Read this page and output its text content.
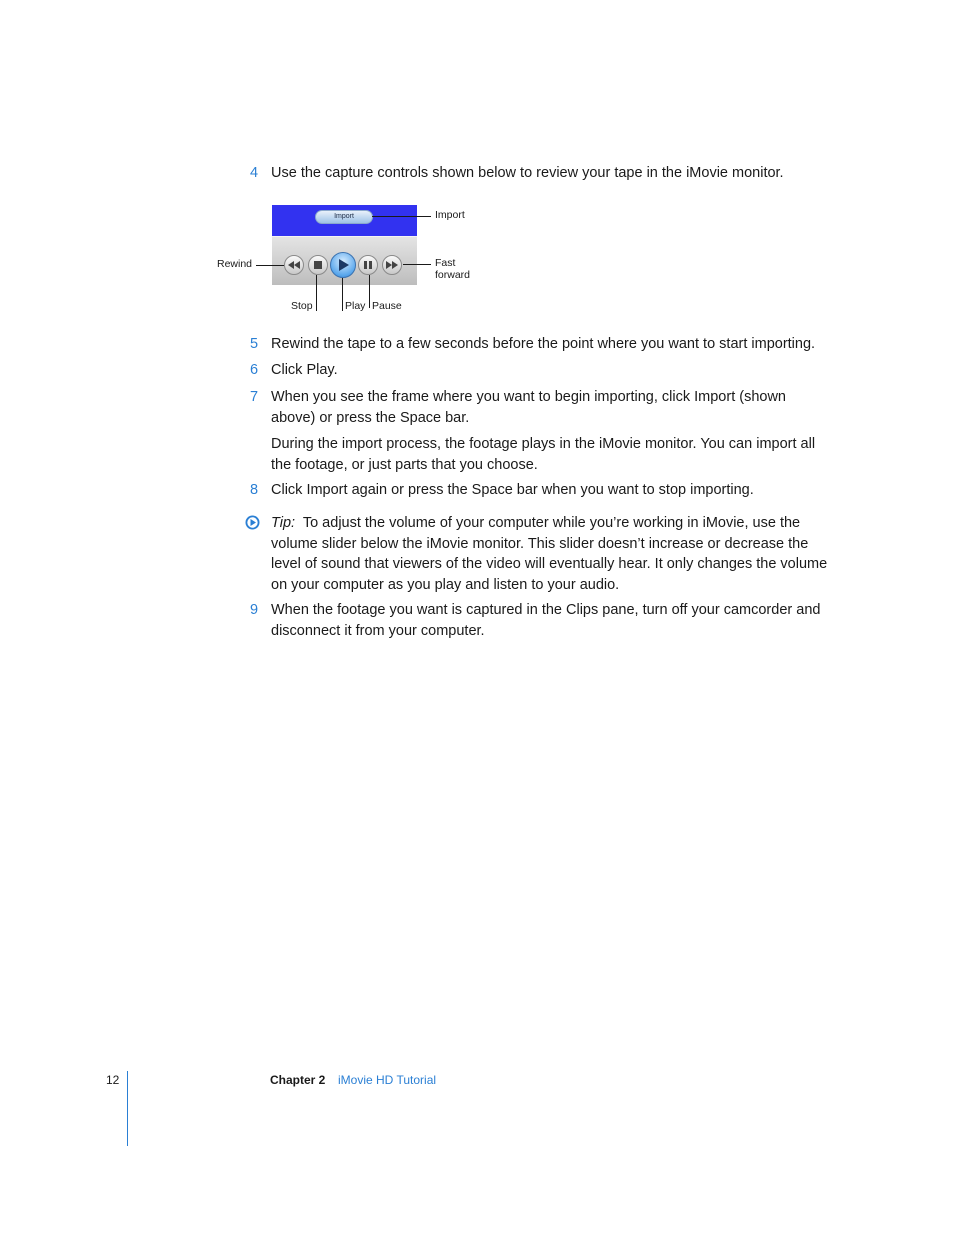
4 Use the capture controls shown below to review your tape in the iMovie monitor.
Import	Import
Rewind	Fast forward
Stop	Play Pause
5 Rewind the tape to a few seconds before the point where you want to start importing.
6 Click Play.
7 When you see the frame where you want to begin importing, click Import (shown above) or press the Space bar.
During the import process, the footage plays in the iMovie monitor. You can import all the footage, or just parts that you choose.
8 Click Import again or press the Space bar when you want to stop importing.
Tip: To adjust the volume of your computer while you’re working in iMovie, use the volume slider below the iMovie monitor. This slider doesn’t increase or decrease the level of sound that viewers of the video will eventually hear. It only changes the volume on your computer as you play and listen to your audio.
9 When the footage you want is captured in the Clips pane, turn off your camcorder and disconnect it from your computer.
12	Chapter 2 iMovie HD Tutorial
